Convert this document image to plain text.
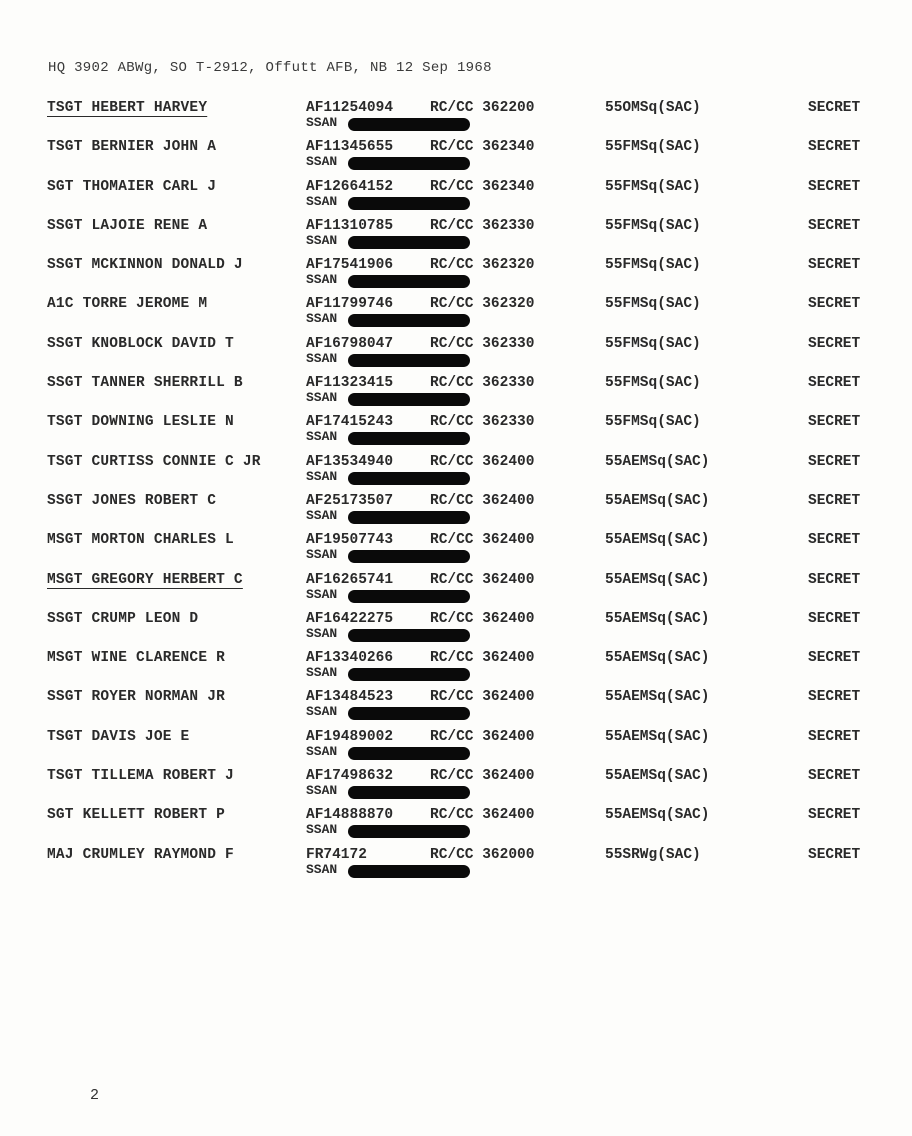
HQ 3902 ABWg, SO T-2912, Offutt AFB, NB 12 Sep 1968
TSGT HEBERT HARVEY	AF11254094	RC/CC 362200	55OMSq(SAC)	SECRET
SSAN
TSGT BERNIER JOHN A	AF11345655	RC/CC 362340	55FMSq(SAC)	SECRET
SSAN
SGT THOMAIER CARL J	AF12664152	RC/CC 362340	55FMSq(SAC)	SECRET
SSAN
SSGT LAJOIE RENE A	AF11310785	RC/CC 362330	55FMSq(SAC)	SECRET
SSAN
SSGT MCKINNON DONALD J	AF17541906	RC/CC 362320	55FMSq(SAC)	SECRET
SSAN
A1C TORRE JEROME M	AF11799746	RC/CC 362320	55FMSq(SAC)	SECRET
SSAN
SSGT KNOBLOCK DAVID T	AF16798047	RC/CC 362330	55FMSq(SAC)	SECRET
SSAN
SSGT TANNER SHERRILL B	AF11323415	RC/CC 362330	55FMSq(SAC)	SECRET
SSAN
TSGT DOWNING LESLIE N	AF17415243	RC/CC 362330	55FMSq(SAC)	SECRET
SSAN
TSGT CURTISS CONNIE C JR	AF13534940	RC/CC 362400	55AEMSq(SAC)	SECRET
SSAN
SSGT JONES ROBERT C	AF25173507	RC/CC 362400	55AEMSq(SAC)	SECRET
SSAN
MSGT MORTON CHARLES L	AF19507743	RC/CC 362400	55AEMSq(SAC)	SECRET
SSAN
MSGT GREGORY HERBERT C	AF16265741	RC/CC 362400	55AEMSq(SAC)	SECRET
SSAN
SSGT CRUMP LEON D	AF16422275	RC/CC 362400	55AEMSq(SAC)	SECRET
SSAN
MSGT WINE CLARENCE R	AF13340266	RC/CC 362400	55AEMSq(SAC)	SECRET
SSAN
SSGT ROYER NORMAN JR	AF13484523	RC/CC 362400	55AEMSq(SAC)	SECRET
SSAN
TSGT DAVIS JOE E	AF19489002	RC/CC 362400	55AEMSq(SAC)	SECRET
SSAN
TSGT TILLEMA ROBERT J	AF17498632	RC/CC 362400	55AEMSq(SAC)	SECRET
SSAN
SGT KELLETT ROBERT P	AF14888870	RC/CC 362400	55AEMSq(SAC)	SECRET
SSAN
MAJ CRUMLEY RAYMOND F	FR74172	RC/CC 362000	55SRWg(SAC)	SECRET
SSAN
2
